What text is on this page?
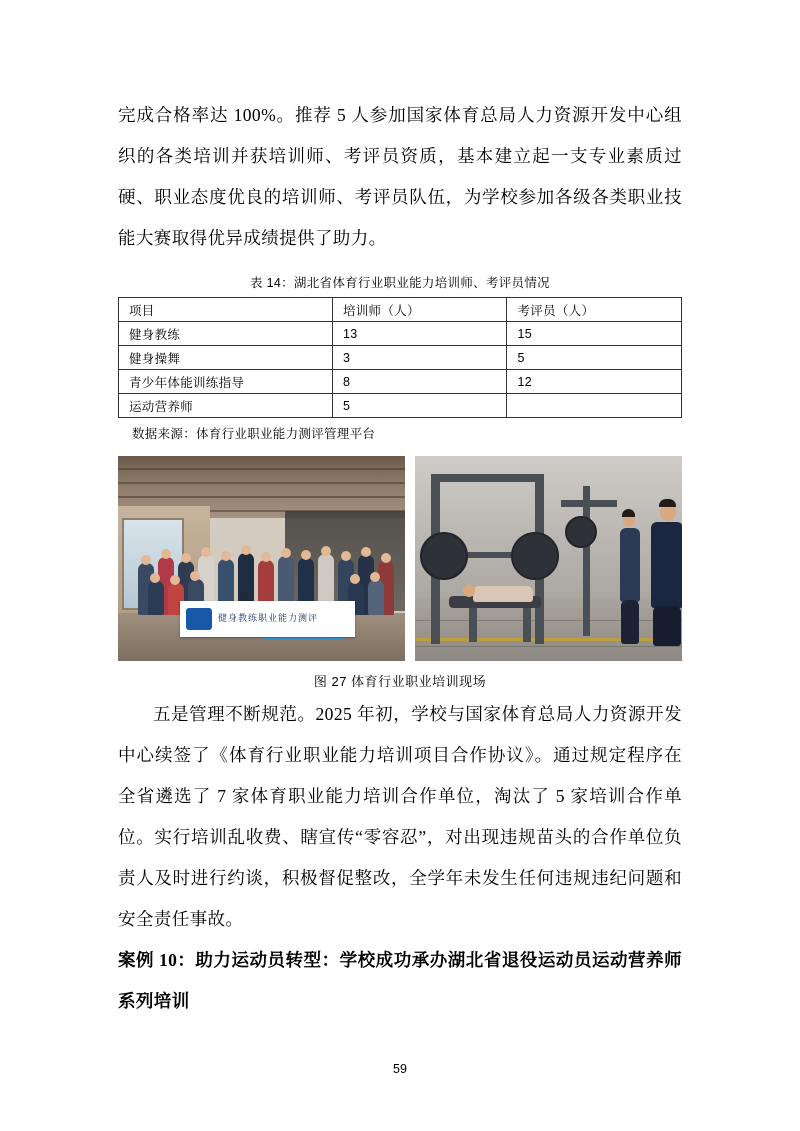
完成合格率达 100%。推荐 5 人参加国家体育总局人力资源开发中心组织的各类培训并获培训师、考评员资质，基本建立起一支专业素质过硬、职业态度优良的培训师、考评员队伍，为学校参加各级各类职业技能大赛取得优异成绩提供了助力。

表 14：湖北省体育行业职业能力培训师、考评员情况
项目	培训师（人）	考评员（人）
健身教练	13	15
健身操舞	3	5
青少年体能训练指导	8	12
运动营养师	5	
数据来源：体育行业职业能力测评管理平台
健身教练职业能力测评
图 27 体育行业职业培训现场

五是管理不断规范。2025 年初，学校与国家体育总局人力资源开发中心续签了《体育行业职业能力培训项目合作协议》。通过规定程序在全省遴选了 7 家体育职业能力培训合作单位，淘汰了 5 家培训合作单位。实行培训乱收费、瞎宣传“零容忍”，对出现违规苗头的合作单位负责人及时进行约谈，积极督促整改，全学年未发生任何违规违纪问题和安全责任事故。

案例 10：助力运动员转型：学校成功承办湖北省退役运动员运动营养师系列培训

59
